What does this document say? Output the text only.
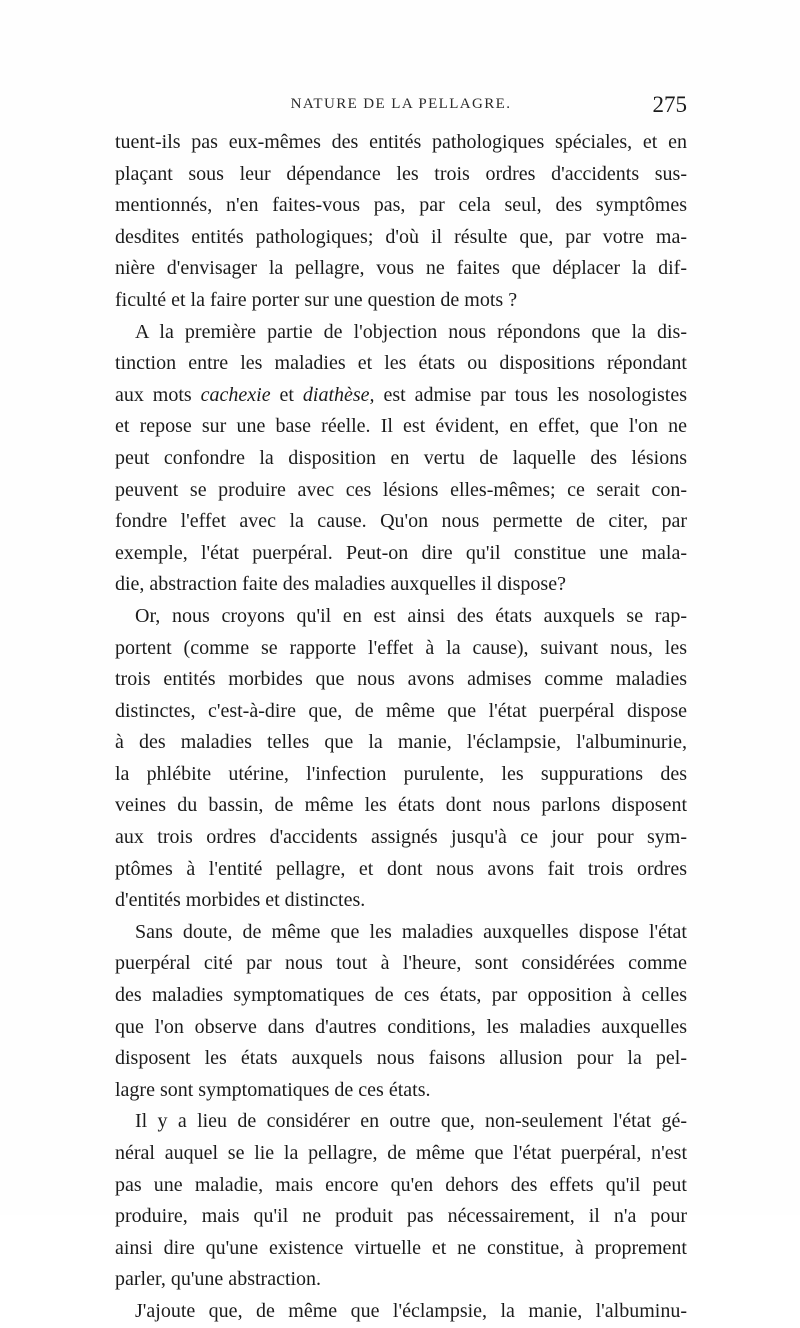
NATURE DE LA PELLAGRE.	275
tuent-ils pas eux-mêmes des entités pathologiques spéciales, et en
plaçant sous leur dépendance les trois ordres d'accidents sus-
mentionnés, n'en faites-vous pas, par cela seul, des symptômes
desdites entités pathologiques; d'où il résulte que, par votre ma-
nière d'envisager la pellagre, vous ne faites que déplacer la dif-
ficulté et la faire porter sur une question de mots ?
A la première partie de l'objection nous répondons que la dis-
tinction entre les maladies et les états ou dispositions répondant
aux mots cachexie et diathèse, est admise par tous les nosologistes
et repose sur une base réelle. Il est évident, en effet, que l'on ne
peut confondre la disposition en vertu de laquelle des lésions
peuvent se produire avec ces lésions elles-mêmes; ce serait con-
fondre l'effet avec la cause. Qu'on nous permette de citer, par
exemple, l'état puerpéral. Peut-on dire qu'il constitue une mala-
die, abstraction faite des maladies auxquelles il dispose?
Or, nous croyons qu'il en est ainsi des états auxquels se rap-
portent (comme se rapporte l'effet à la cause), suivant nous, les
trois entités morbides que nous avons admises comme maladies
distinctes, c'est-à-dire que, de même que l'état puerpéral dispose
à des maladies telles que la manie, l'éclampsie, l'albuminurie,
la phlébite utérine, l'infection purulente, les suppurations des
veines du bassin, de même les états dont nous parlons disposent
aux trois ordres d'accidents assignés jusqu'à ce jour pour sym-
ptômes à l'entité pellagre, et dont nous avons fait trois ordres
d'entités morbides et distinctes.
Sans doute, de même que les maladies auxquelles dispose l'état
puerpéral cité par nous tout à l'heure, sont considérées comme
des maladies symptomatiques de ces états, par opposition à celles
que l'on observe dans d'autres conditions, les maladies auxquelles
disposent les états auxquels nous faisons allusion pour la pel-
lagre sont symptomatiques de ces états.
Il y a lieu de considérer en outre que, non-seulement l'état gé-
néral auquel se lie la pellagre, de même que l'état puerpéral, n'est
pas une maladie, mais encore qu'en dehors des effets qu'il peut
produire, mais qu'il ne produit pas nécessairement, il n'a pour
ainsi dire qu'une existence virtuelle et ne constitue, à proprement
parler, qu'une abstraction.
J'ajoute que, de même que l'éclampsie, la manie, l'albuminu-
